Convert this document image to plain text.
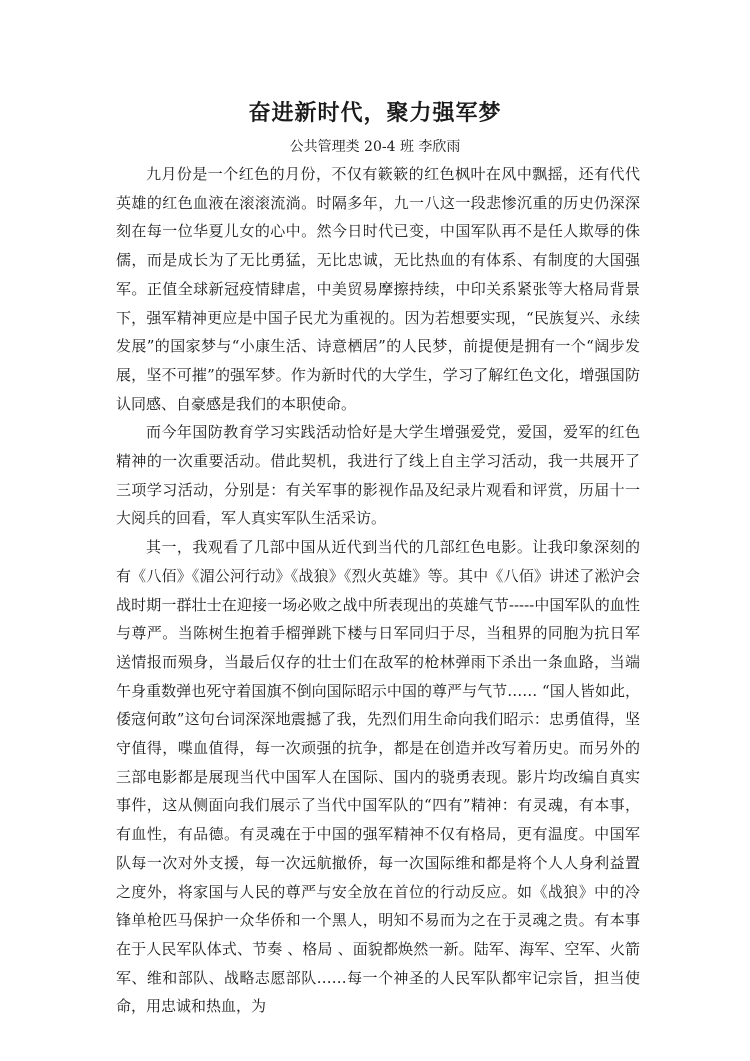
奋进新时代，聚力强军梦
公共管理类 20-4 班 李欣雨

九月份是一个红色的月份，不仅有簌簌的红色枫叶在风中飘摇，还有代代英雄的红色血液在滚滚流淌。时隔多年，九一八这一段悲惨沉重的历史仍深深刻在每一位华夏儿女的心中。然今日时代已变，中国军队再不是任人欺辱的侏儒，而是成长为了无比勇猛，无比忠诚，无比热血的有体系、有制度的大国强军。正值全球新冠疫情肆虐，中美贸易摩擦持续，中印关系紧张等大格局背景下，强军精神更应是中国子民尤为重视的。因为若想要实现，“民族复兴、永续发展”的国家梦与“小康生活、诗意栖居”的人民梦，前提便是拥有一个“阔步发展，坚不可摧”的强军梦。作为新时代的大学生，学习了解红色文化，增强国防认同感、自豪感是我们的本职使命。

而今年国防教育学习实践活动恰好是大学生增强爱党，爱国，爱军的红色精神的一次重要活动。借此契机，我进行了线上自主学习活动，我一共展开了三项学习活动，分别是：有关军事的影视作品及纪录片观看和评赏，历届十一大阅兵的回看，军人真实军队生活采访。

其一，我观看了几部中国从近代到当代的几部红色电影。让我印象深刻的有《八佰》《湄公河行动》《战狼》《烈火英雄》等。其中《八佰》讲述了淞沪会战时期一群壮士在迎接一场必败之战中所表现出的英雄气节-----中国军队的血性与尊严。当陈树生抱着手榴弹跳下楼与日军同归于尽，当租界的同胞为抗日军送情报而殒身，当最后仅存的壮士们在敌军的枪林弹雨下杀出一条血路，当端午身重数弹也死守着国旗不倒向国际昭示中国的尊严与气节…… “国人皆如此，倭寇何敢”这句台词深深地震撼了我，先烈们用生命向我们昭示：忠勇值得，坚守值得，喋血值得，每一次顽强的抗争，都是在创造并改写着历史。而另外的三部电影都是展现当代中国军人在国际、国内的骁勇表现。影片均改编自真实事件，这从侧面向我们展示了当代中国军队的“四有”精神：有灵魂，有本事，有血性，有品德。有灵魂在于中国的强军精神不仅有格局，更有温度。中国军队每一次对外支援，每一次远航撤侨，每一次国际维和都是将个人人身利益置之度外，将家国与人民的尊严与安全放在首位的行动反应。如《战狼》中的冷锋单枪匹马保护一众华侨和一个黑人，明知不易而为之在于灵魂之贵。有本事在于人民军队体式、节奏 、格局 、面貌都焕然一新。陆军、海军、空军、火箭军、维和部队、战略志愿部队……每一个神圣的人民军队都牢记宗旨，担当使命，用忠诚和热血，为
